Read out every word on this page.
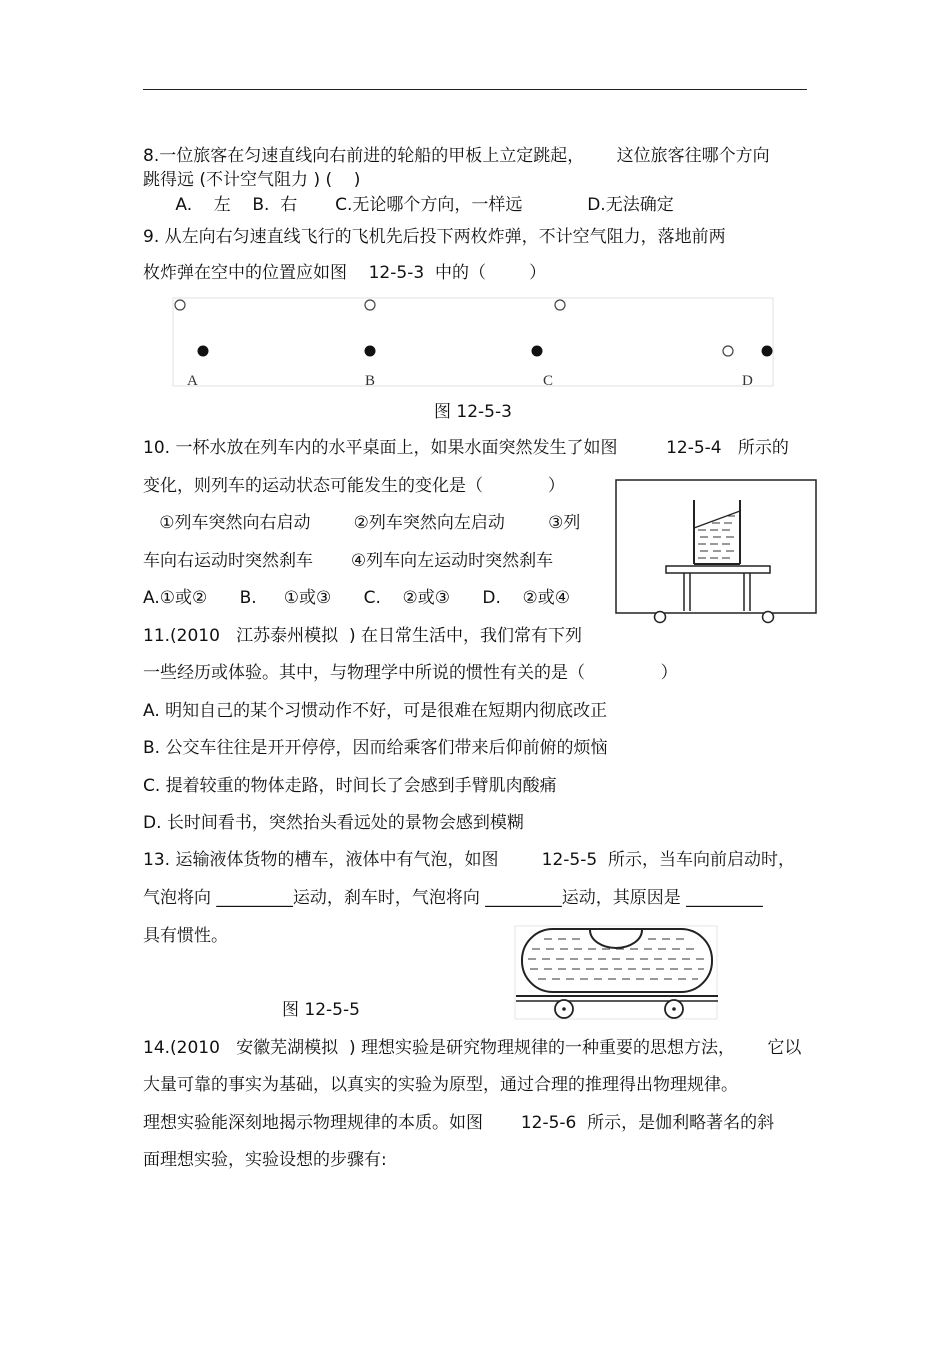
8.一位旅客在匀速直线向右前进的轮船的甲板上立定跳起，      这位旅客往哪个方向
跳得远 (不计空气阻力 ) (    )
A.    左    B.  右       C.无论哪个方向，一样远            D.无法确定
9. 从左向右匀速直线飞行的飞机先后投下两枚炸弹，不计空气阻力，落地前两
枚炸弹在空中的位置应如图    12-5-3  中的（        ）
A	B	C	D
图 12-5-3
10. 一杯水放在列车内的水平桌面上，如果水面突然发生了如图         12-5-4   所示的
变化，则列车的运动状态可能发生的变化是（            ）
①列车突然向右启动        ②列车突然向左启动        ③列
车向右运动时突然刹车       ④列车向左运动时突然刹车
A.①或②      B.     ①或③      C.    ②或③      D.    ②或④
11.(2010   江苏泰州模拟  ) 在日常生活中，我们常有下列
一些经历或体验。其中，与物理学中所说的惯性有关的是（              ）
A. 明知自己的某个习惯动作不好，可是很难在短期内彻底改正
B. 公交车往往是开开停停，因而给乘客们带来后仰前俯的烦恼
C. 提着较重的物体走路，时间长了会感到手臂肌肉酸痛
D. 长时间看书，突然抬头看远处的景物会感到模糊
13. 运输液体货物的槽车，液体中有气泡，如图        12-5-5  所示，当车向前启动时，
气泡将向 _________运动，刹车时，气泡将向 _________运动，其原因是 _________
具有惯性。
图 12-5-5
14.(2010   安徽芜湖模拟  ) 理想实验是研究物理规律的一种重要的思想方法，      它以
大量可靠的事实为基础，以真实的实验为原型，通过合理的推理得出物理规律。
理想实验能深刻地揭示物理规律的本质。如图       12-5-6  所示，是伽利略著名的斜
面理想实验，实验设想的步骤有:
